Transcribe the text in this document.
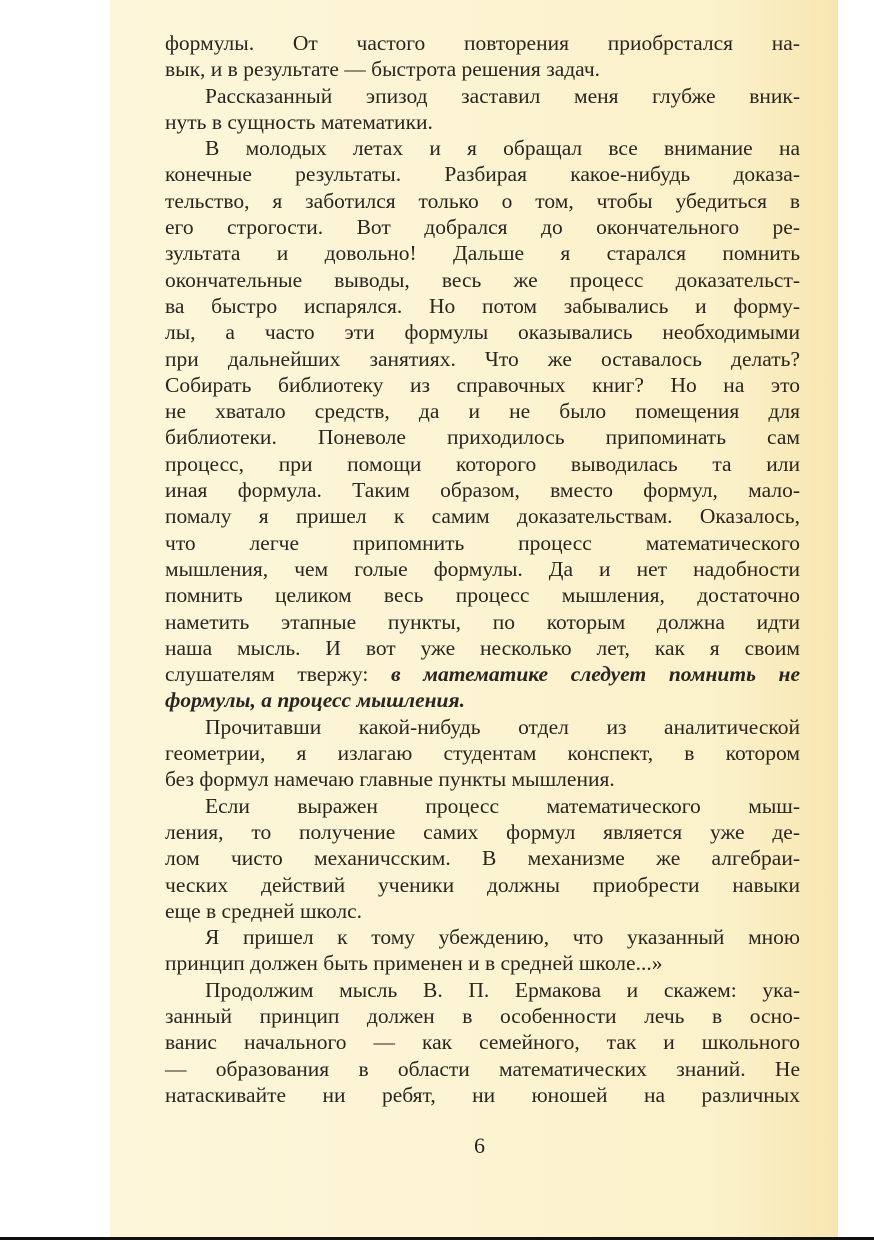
формулы. От частого повторения приобрстался на-
вык, и в результате — быстрота решения задач.
Рассказанный эпизод заставил меня глубже вник-
нуть в сущность математики.
В молодых летах и я обращал все внимание на
конечные результаты. Разбирая какое-нибудь доказа-
тельство, я заботился только о том, чтобы убедиться в
его строгости. Вот добрался до окончательного ре-
зультата и довольно! Дальше я старался помнить
окончательные выводы, весь же процесс доказательст-
ва быстро испарялся. Но потом забывались и форму-
лы, а часто эти формулы оказывались необходимыми
при дальнейших занятиях. Что же оставалось делать?
Собирать библиотеку из справочных книг? Но на это
не хватало средств, да и не было помещения для
библиотеки. Поневоле приходилось припоминать сам
процесс, при помощи которого выводилась та или
иная формула. Таким образом, вместо формул, мало-
помалу я пришел к самим доказательствам. Оказалось,
что легче припомнить процесс математического
мышления, чем голые формулы. Да и нет надобности
помнить целиком весь процесс мышления, достаточно
наметить этапные пункты, по которым должна идти
наша мысль. И вот уже несколько лет, как я своим
слушателям твержу: в математике следует помнить не
формулы, а процесс мышления.
Прочитавши какой-нибудь отдел из аналитической
геометрии, я излагаю студентам конспект, в котором
без формул намечаю главные пункты мышления.
Если выражен процесс математического мыш-
ления, то получение самих формул является уже де-
лом чисто механичсским. В механизме же алгебраи-
ческих действий ученики должны приобрести навыки
еще в средней школс.
Я пришел к тому убеждению, что указанный мною
принцип должен быть применен и в средней школе...»
Продолжим мысль В. П. Ермакова и скажем: ука-
занный принцип должен в особенности лечь в осно-
ванис начального — как семейного, так и школьного
— образования в области математических знаний. Не
натаскивайте ни ребят, ни юношей на различных
6
